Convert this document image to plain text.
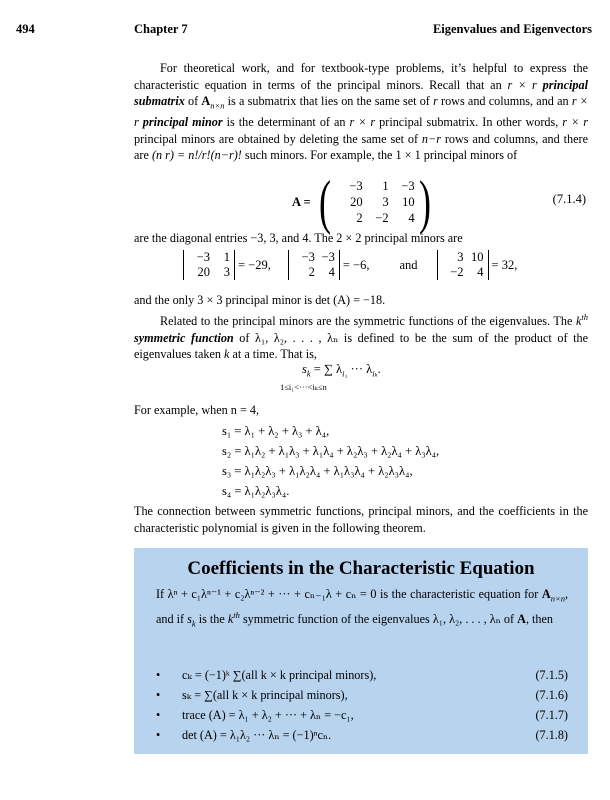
494	Chapter 7	Eigenvalues and Eigenvectors
For theoretical work, and for textbook-type problems, it’s helpful to express the characteristic equation in terms of the principal minors. Recall that an r × r principal submatrix of $A_{n\times n}$ is a submatrix that lies on the same set of r rows and columns, and an r × r principal minor is the determinant of an r × r principal submatrix. In other words, r × r principal minors are obtained by deleting the same set of n−r rows and columns, and there are (n r) = n!/r!(n−r)! such minors. For example, the 1 × 1 principal minors of
A = (	−3	1	−3
20	3	10
2	−2	4 )	(7.1.4)
are the diagonal entries −3, 3, and 4. The 2 × 2 principal minors are
−3	1
20	3
= −29,
−3 −3
2	4
= −6, and
3 10
−2	4
= 32,
and the only 3 × 3 principal minor is det (A) = −18.
Related to the principal minors are the symmetric functions of the eigenvalues. The $k^{th}$ symmetric function of λ₁, λ₂, . . . , λₙ is defined to be the sum of the product of the eigenvalues taken k at a time. That is,
$s_k$ = ∑ $\lambda_{i_1}$ ··· $\lambda_{i_k}$.
1≤i₁<···<iₖ≤n
For example, when n = 4,
s₁ = λ₁ + λ₂ + λ₃ + λ₄,
s₂ = λ₁λ₂ + λ₁λ₃ + λ₁λ₄ + λ₂λ₃ + λ₂λ₄ + λ₃λ₄,
s₃ = λ₁λ₂λ₃ + λ₁λ₂λ₄ + λ₁λ₃λ₄ + λ₂λ₃λ₄,
s₄ = λ₁λ₂λ₃λ₄.
The connection between symmetric functions, principal minors, and the coefficients in the characteristic polynomial is given in the following theorem.
Coefficients in the Characteristic Equation
If λⁿ + c₁λⁿ⁻¹ + c₂λⁿ⁻² + ··· + cₙ₋₁λ + cₙ = 0 is the characteristic equation for $A_{n\times n}$, and if $s_k$ is the $k^{th}$ symmetric function of the eigenvalues λ₁, λ₂, . . . , λₙ of A, then
• cₖ = (−1)ᵏ ∑(all k × k principal minors),	(7.1.5)
• sₖ = ∑(all k × k principal minors),	(7.1.6)
• trace (A) = λ₁ + λ₂ + ··· + λₙ = −c₁,	(7.1.7)
• det (A) = λ₁λ₂ ··· λₙ = (−1)ⁿcₙ.	(7.1.8)
